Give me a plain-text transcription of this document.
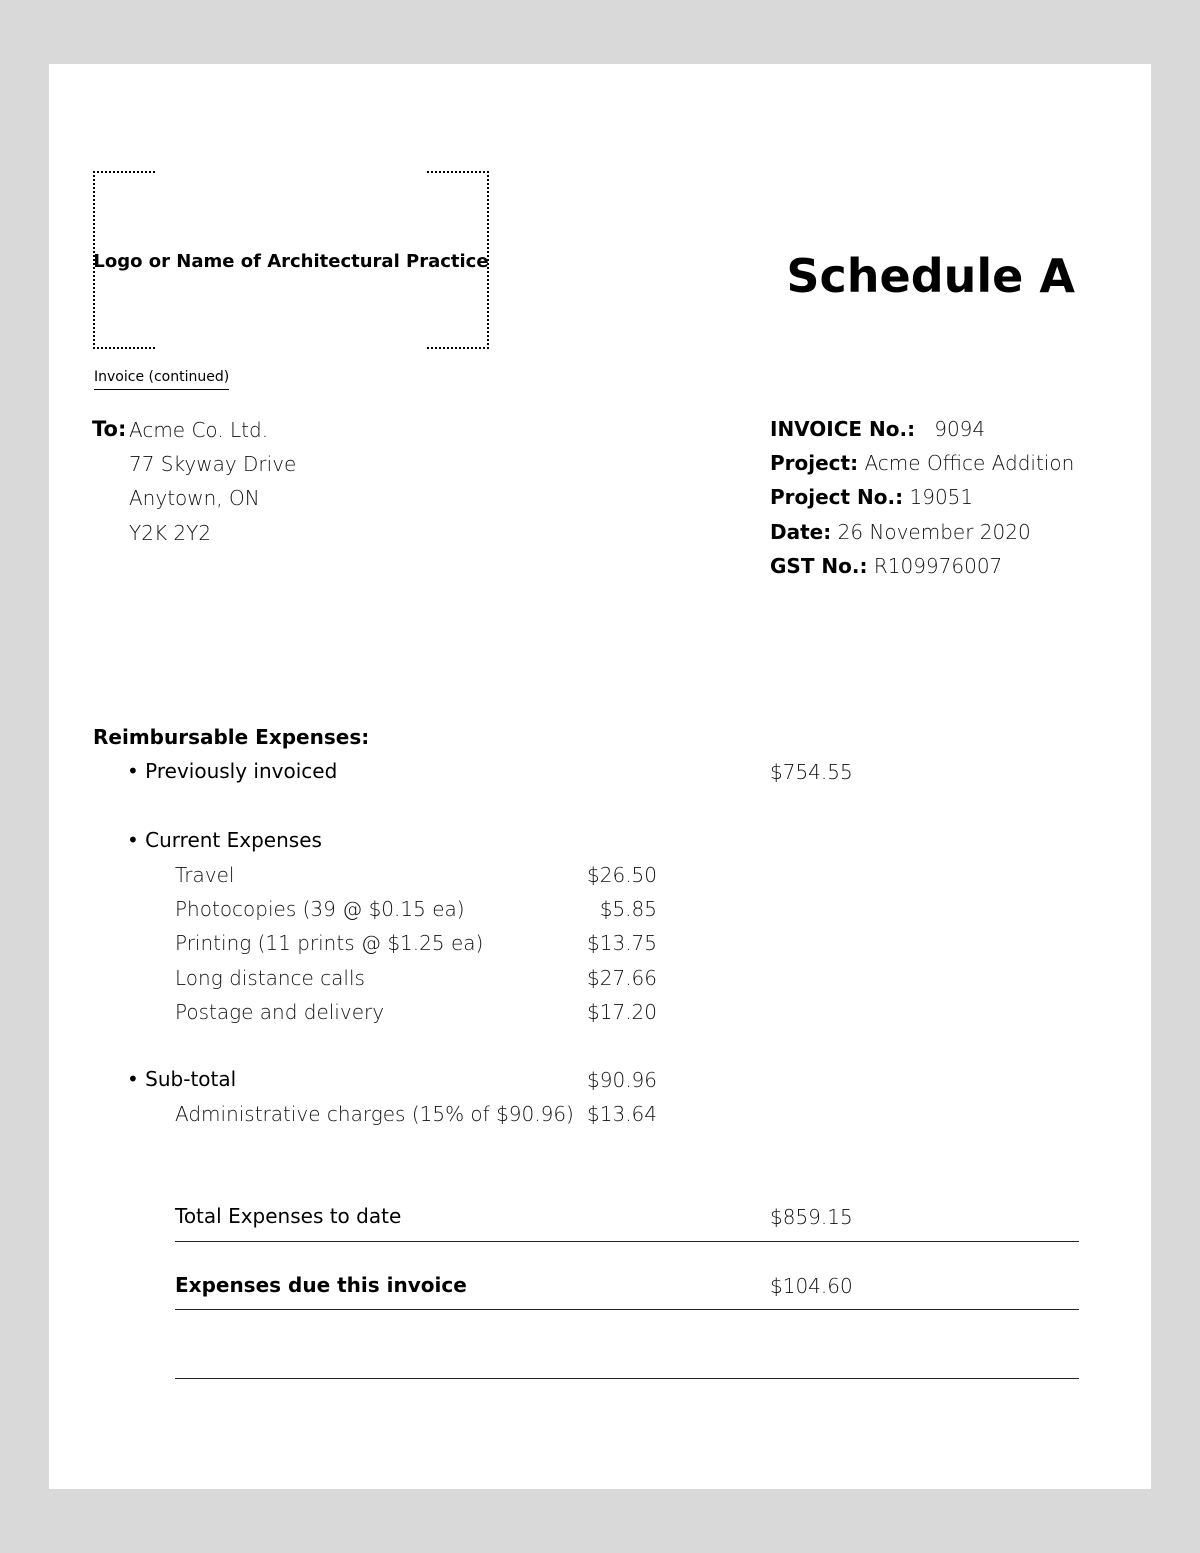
Logo or Name of Architectural Practice	Schedule A
Invoice (continued)
To: Acme Co. Ltd.
77 Skyway Drive
Anytown, ON
Y2K 2Y2
INVOICE No.: 9094
Project: Acme Office Addition
Project No.: 19051
Date: 26 November 2020
GST No.: R109976007
Reimbursable Expenses:
• Previously invoiced	$754.55
• Current Expenses
Travel	$26.50
Photocopies (39 @ $0.15 ea)	$5.85
Printing (11 prints @ $1.25 ea)	$13.75
Long distance calls	$27.66
Postage and delivery	$17.20
• Sub-total	$90.96
Administrative charges (15% of $90.96) $13.64
Total Expenses to date	$859.15
Expenses due this invoice	$104.60
